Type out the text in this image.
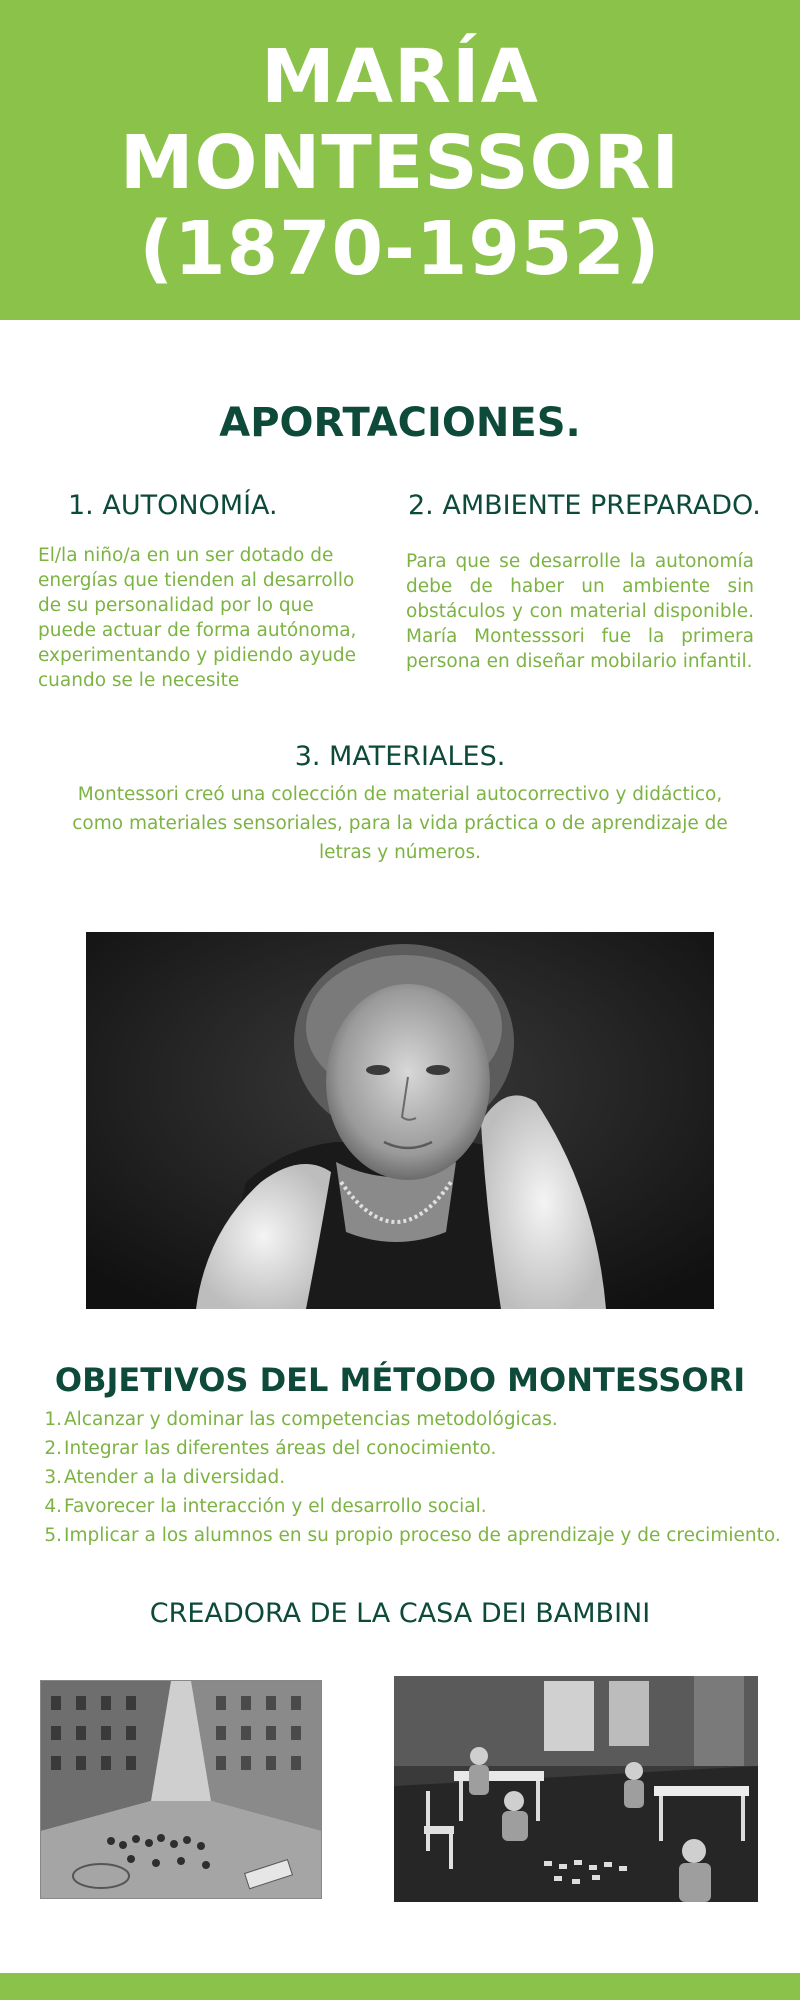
MARÍA
MONTESSORI
(1870-1952)
APORTACIONES.
1. AUTONOMÍA.
El/la niño/a en un ser dotado de energías que tienden al desarrollo de su personalidad por lo que puede actuar de forma autónoma, experimentando y pidiendo ayude cuando se le necesite
2. AMBIENTE PREPARADO.
Para que se desarrolle la autonomía debe de haber un ambiente sin obstáculos y con material disponible. María Montesssori fue la primera persona en diseñar mobilario infantil.
3. MATERIALES.
Montessori creó una colección de material autocorrectivo y didáctico, como materiales sensoriales, para la vida práctica o de aprendizaje de letras y números.
OBJETIVOS DEL MÉTODO MONTESSORI
1. Alcanzar y dominar las competencias metodológicas.
2. Integrar las diferentes áreas del conocimiento.
3. Atender a la diversidad.
4. Favorecer la interacción y el desarrollo social.
5. Implicar a los alumnos en su propio proceso de aprendizaje y de crecimiento.
CREADORA DE LA CASA DEI BAMBINI
